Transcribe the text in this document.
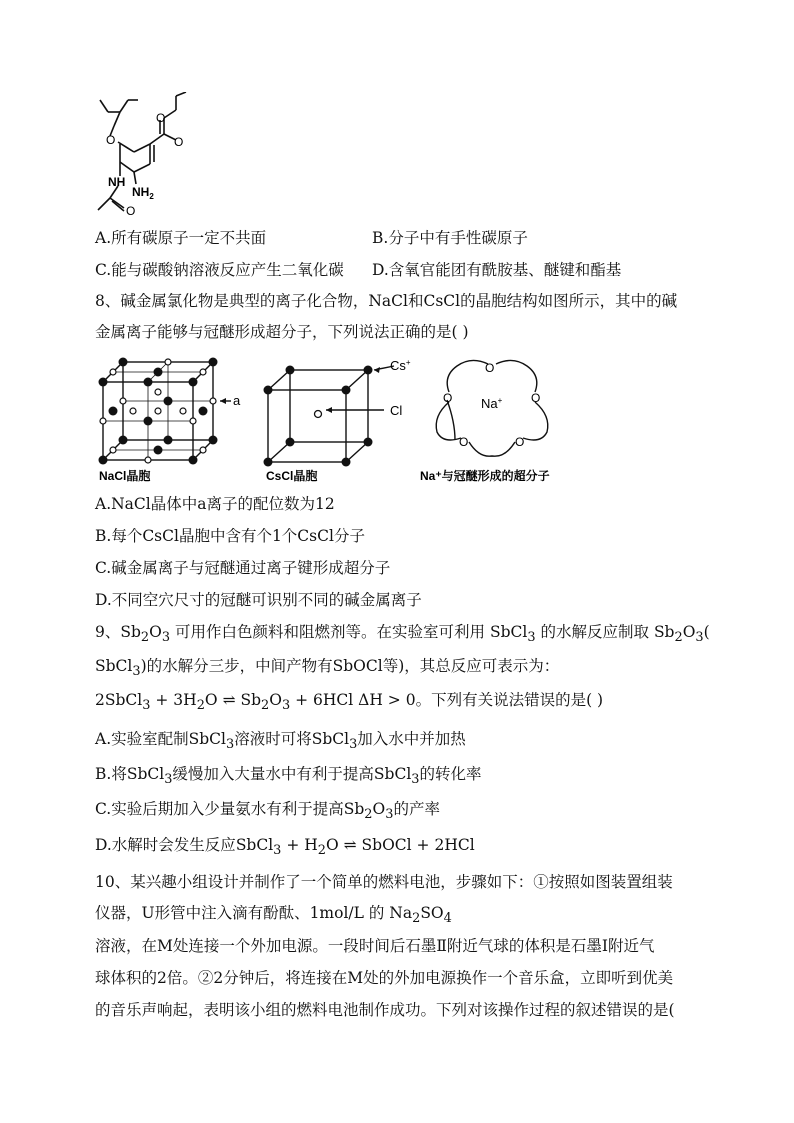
O	O
O
O
NH
$NH_2$
A.所有碳原子一定不共面	B.分子中有手性碳原子
C.能与碳酸钠溶液反应产生二氧化碳 D.含氧官能团有酰胺基、醚键和酯基
8、碱金属氯化物是典型的离子化合物，NaCl和CsCl的晶胞结构如图所示，其中的碱
金属离子能够与冠醚形成超分子，下列说法正确的是( )
a
NaCl晶胞
Cs+
Cl
CsCl晶胞
O
O	O
O	O
Na+
Na⁺与冠醚形成的超分子
A.NaCl晶体中a离子的配位数为12
B.每个CsCl晶胞中含有个1个CsCl分子
C.碱金属离子与冠醚通过离子键形成超分子
D.不同空穴尺寸的冠醚可识别不同的碱金属离子
9、$Sb_2O_3$ 可用作白色颜料和阻燃剂等。在实验室可利用 SbCl$_3$ 的水解反应制取 $Sb_2O_3$(
SbCl$_3$)的水解分三步，中间产物有SbOCl等)，其总反应可表示为：
2SbCl$_3$ + $3H_2O$ ⇌ $Sb_2O_3 + 6HCl$ ΔH > 0。下列有关说法错误的是( )
A.实验室配制SbCl$_3$溶液时可将SbCl$_3$加入水中并加热
B.将SbCl$_3$缓慢加入大量水中有利于提高SbCl$_3$的转化率
C.实验后期加入少量氨水有利于提高$Sb_2O_3$的产率
D.水解时会发生反应SbCl$_3$ + $H_2O$ ⇌ SbOCl + 2HCl
10、某兴趣小组设计并制作了一个简单的燃料电池，步骤如下：①按照如图装置组装
仪器，U形管中注入滴有酚酞、1mol/L 的 $Na_2SO_4$
溶液，在M处连接一个外加电源。一段时间后石墨Ⅱ附近气球的体积是石墨Ⅰ附近气
球体积的2倍。②2分钟后，将连接在M处的外加电源换作一个音乐盒，立即听到优美
的音乐声响起，表明该小组的燃料电池制作成功。下列对该操作过程的叙述错误的是(
